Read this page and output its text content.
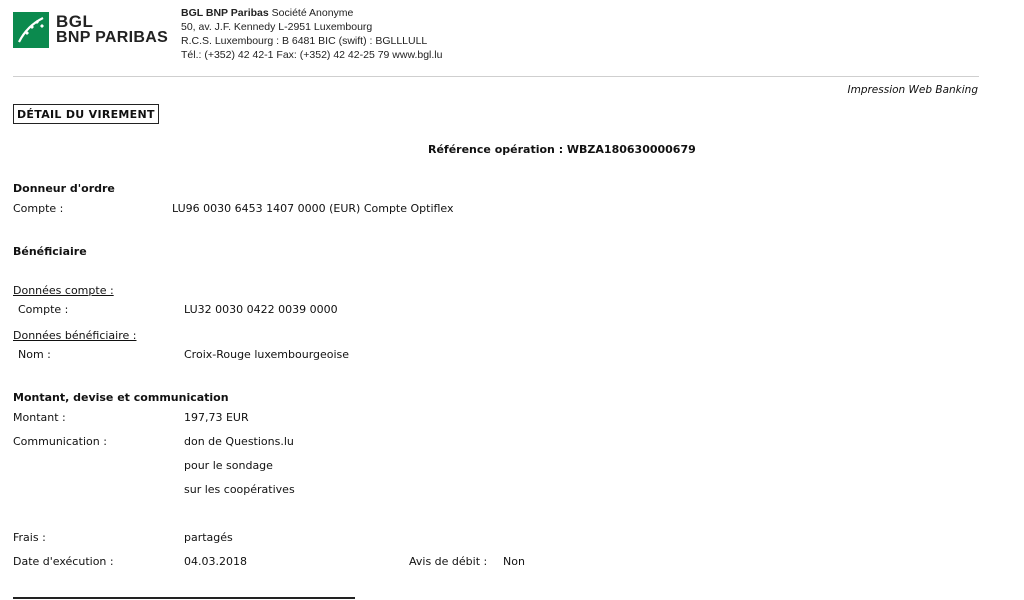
BGL
BNP PARIBAS
BGL BNP Paribas Société Anonyme
50, av. J.F. Kennedy L-2951 Luxembourg
R.C.S. Luxembourg : B 6481 BIC (swift) : BGLLLULL
Tél.: (+352) 42 42-1 Fax: (+352) 42 42-25 79 www.bgl.lu
Impression Web Banking
DÉTAIL DU VIREMENT
Référence opération : WBZA180630000679
Donneur d'ordre
Compte :	LU96 0030 6453 1407 0000 (EUR) Compte Optiflex
Bénéficiaire
Données compte :
Compte :	LU32 0030 0422 0039 0000
Données bénéficiaire :
Nom :	Croix-Rouge luxembourgeoise
Montant, devise et communication
Montant :	197,73 EUR
Communication :	don de Questions.lu
pour le sondage
sur les coopératives
Frais :	partagés
Date d'exécution :	04.03.2018	Avis de débit : Non
